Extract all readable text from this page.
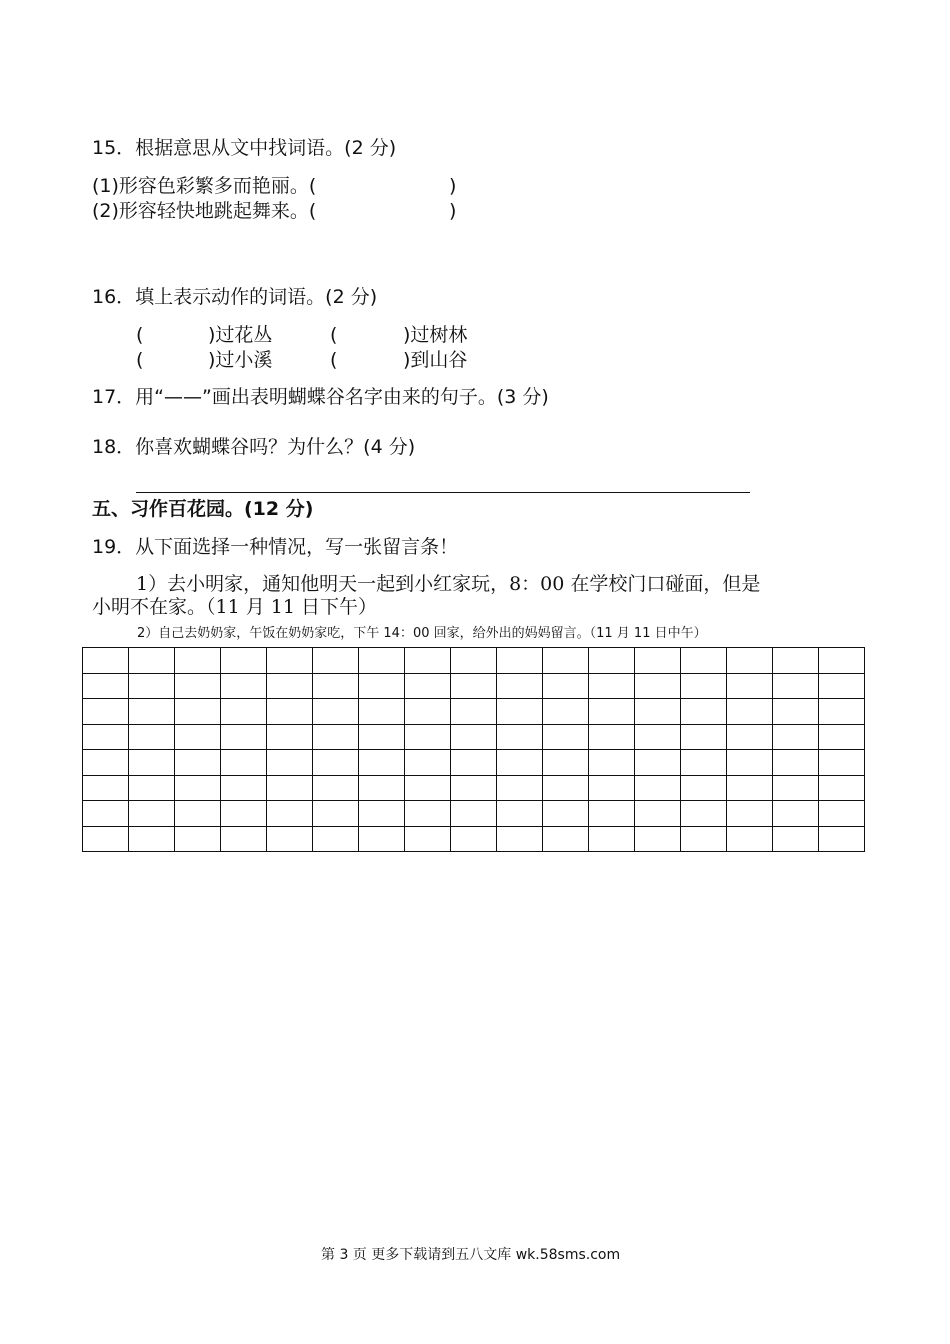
15．根据意思从文中找词语。(2 分)
(1)形容色彩繁多而艳丽。(	)
(2)形容轻快地跳起舞来。(	)
16．填上表示动作的词语。(2 分)
(	)过花丛	(	)过树林
(	)过小溪	(	)到山谷
17．用“——”画出表明蝴蝶谷名字由来的句子。(3 分)
18．你喜欢蝴蝶谷吗？为什么？(4 分)
五、习作百花园。(12 分)
19．从下面选择一种情况，写一张留言条！
1）去小明家，通知他明天一起到小红家玩，8：00 在学校门口碰面，但是
小明不在家。（11 月 11 日下午）
2）自己去奶奶家，午饭在奶奶家吃，下午 14：00 回家，给外出的妈妈留言。（11 月 11 日中午）

第 3 页 更多下载请到五八文库 wk.58sms.com
